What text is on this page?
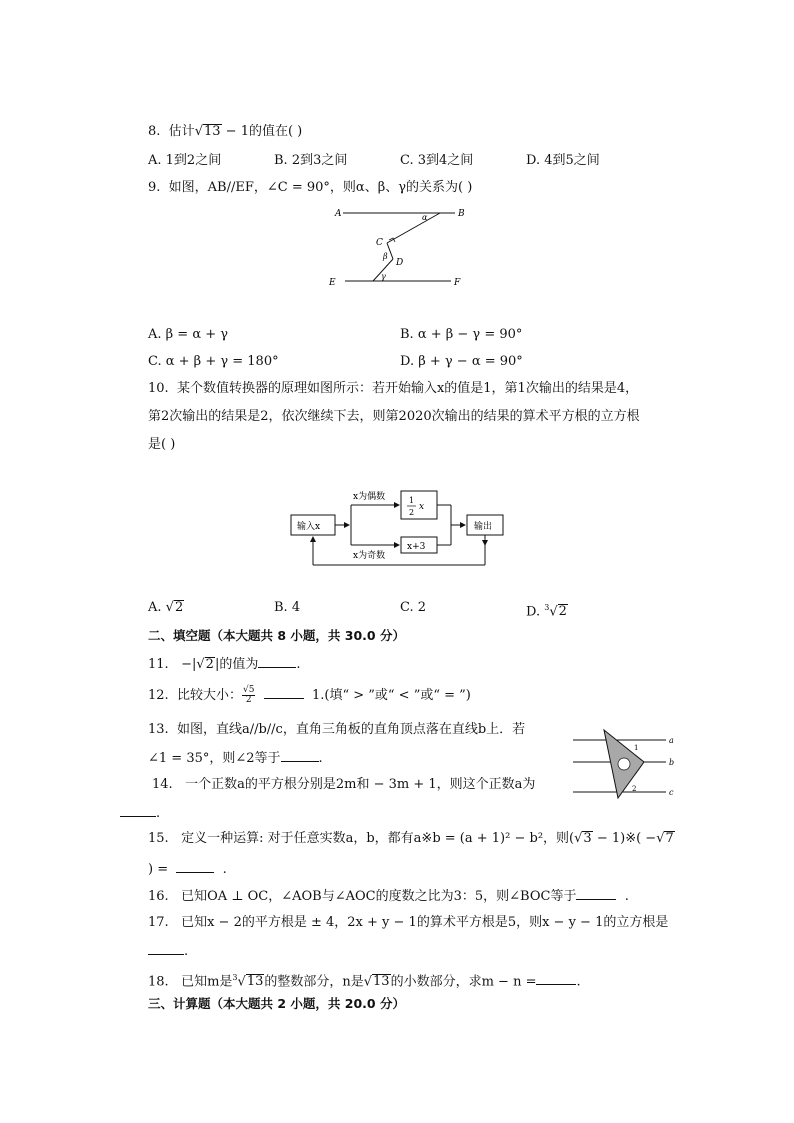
8. 估计√13 − 1的值在( )
A. 1到2之间	B. 2到3之间	C. 3到4之间	D. 4到5之间
9. 如图，AB//EF，∠C = 90°，则α、β、γ的关系为( )
A	B
C
D
E	F
α
β
γ
A. β = α + γ	B. α + β − γ = 90°
C. α + β + γ = 180°	D. β + γ − α = 90°
10. 某个数值转换器的原理如图所示：若开始输入x的值是1，第1次输出的结果是4，
第2次输出的结果是2，依次继续下去，则第2020次输出的结果的算术平方根的立方根
是( )
输入x
1
2
x
x+3
输出
x为偶数
x为奇数
A. √2	B. 4	C. 2	D. $^3$√2
二、填空题（本大题共 8 小题，共 30.0 分）
11. −|√2|的值为	.
12. 比较大小： $\frac{√5}{2}$	1.(填“ > ”或“ < ”或“ = ”)
13. 如图，直线a//b//c，直角三角板的直角顶点落在直线b上．若
∠1 = 35°，则∠2等于	.
a
b
c
1
2
14. 一个正数a的平方根分别是2m和 − 3m + 1，则这个正数a为
.
15. 定义一种运算: 对于任意实数a，b，都有a※b = (a + 1)² − b²，则(√3 − 1)※( −√7
) =	.
16. 已知OA ⊥ OC，∠AOB与∠AOC的度数之比为3：5，则∠BOC等于	.
17. 已知x − 2的平方根是 ± 4，2x + y − 1的算术平方根是5，则x − y − 1的立方根是
.
18. 已知m是$^3$√13的整数部分，n是√13的小数部分，求m − n =	.
三、计算题（本大题共 2 小题，共 20.0 分）
